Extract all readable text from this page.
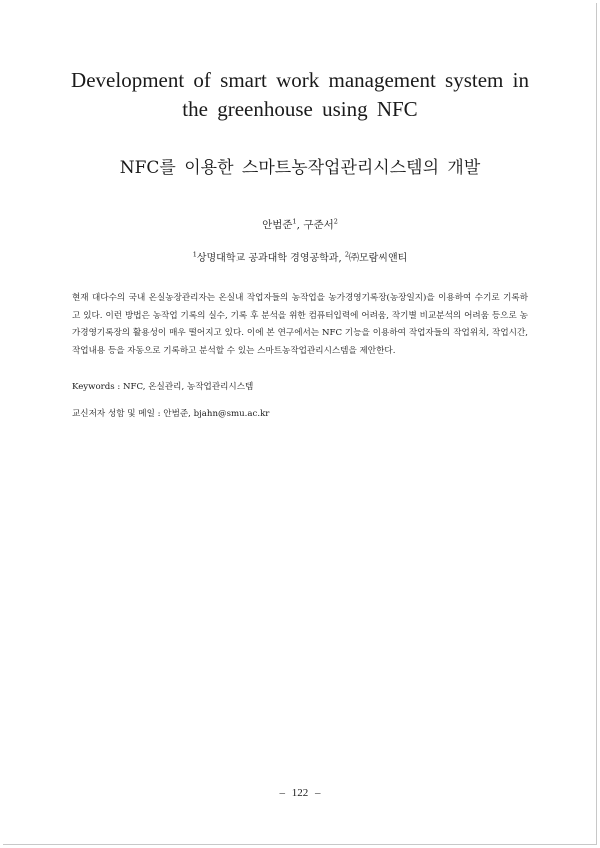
Development of smart work management system in
the greenhouse using NFC
NFC를 이용한 스마트농작업관리시스템의 개발
안범준$^1$, 구준서$^2$
$^1$상명대학교 공과대학 경영공학과, $^2$㈜모람씨앤티
현재 대다수의 국내 온실농장관리자는 온실내 작업자들의 농작업을 농가경영기록장(농장일지)을 이용하여 수기로 기록하고 있다. 이런 방법은 농작업 기록의 실수, 기록 후 분석을 위한 컴퓨터입력에 어려움, 작기별 비교분석의 어려움 등으로 농가경영기록장의 활용성이 매우 떨어지고 있다. 이에 본 연구에서는 NFC 기능을 이용하여 작업자들의 작업위치, 작업시간, 작업내용 등을 자동으로 기록하고 분석할 수 있는 스마트농작업관리시스템을 제안한다.
Keywords : NFC, 온실관리, 농작업관리시스템
교신저자 성함 및 메일 : 안범준, bjahn@smu.ac.kr
– 122 –
